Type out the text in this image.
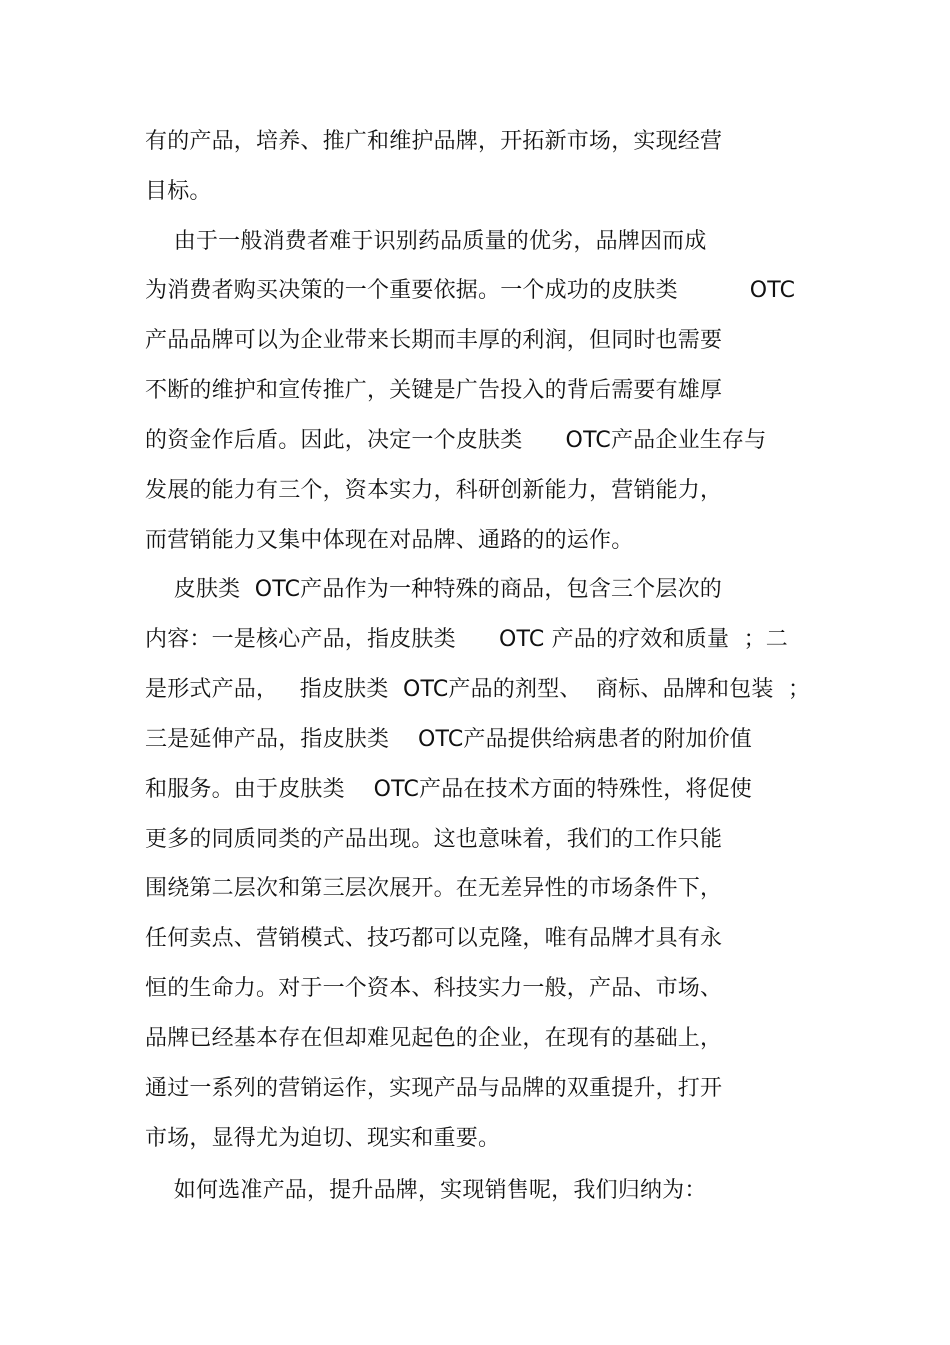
有的产品，培养、推广和维护品牌，开拓新市场，实现经营
目标。
由于一般消费者难于识别药品质量的优劣，品牌因而成
为消费者购买决策的一个重要依据。一个成功的皮肤类          OTC
产品品牌可以为企业带来长期而丰厚的利润，但同时也需要
不断的维护和宣传推广，关键是广告投入的背后需要有雄厚
的资金作后盾。因此，决定一个皮肤类      OTC产品企业生存与
发展的能力有三个，资本实力，科研创新能力，营销能力，
而营销能力又集中体现在对品牌、通路的的运作。
皮肤类  OTC产品作为一种特殊的商品，包含三个层次的
内容：一是核心产品，指皮肤类      OTC 产品的疗效和质量  ；二
是形式产品，   指皮肤类  OTC产品的剂型、  商标、品牌和包装  ；
三是延伸产品，指皮肤类    OTC产品提供给病患者的附加价值
和服务。由于皮肤类    OTC产品在技术方面的特殊性，将促使
更多的同质同类的产品出现。这也意味着，我们的工作只能
围绕第二层次和第三层次展开。在无差异性的市场条件下，
任何卖点、营销模式、技巧都可以克隆，唯有品牌才具有永
恒的生命力。对于一个资本、科技实力一般，产品、市场、
品牌已经基本存在但却难见起色的企业，在现有的基础上，
通过一系列的营销运作，实现产品与品牌的双重提升，打开
市场，显得尤为迫切、现实和重要。
如何选准产品，提升品牌，实现销售呢，我们归纳为：
